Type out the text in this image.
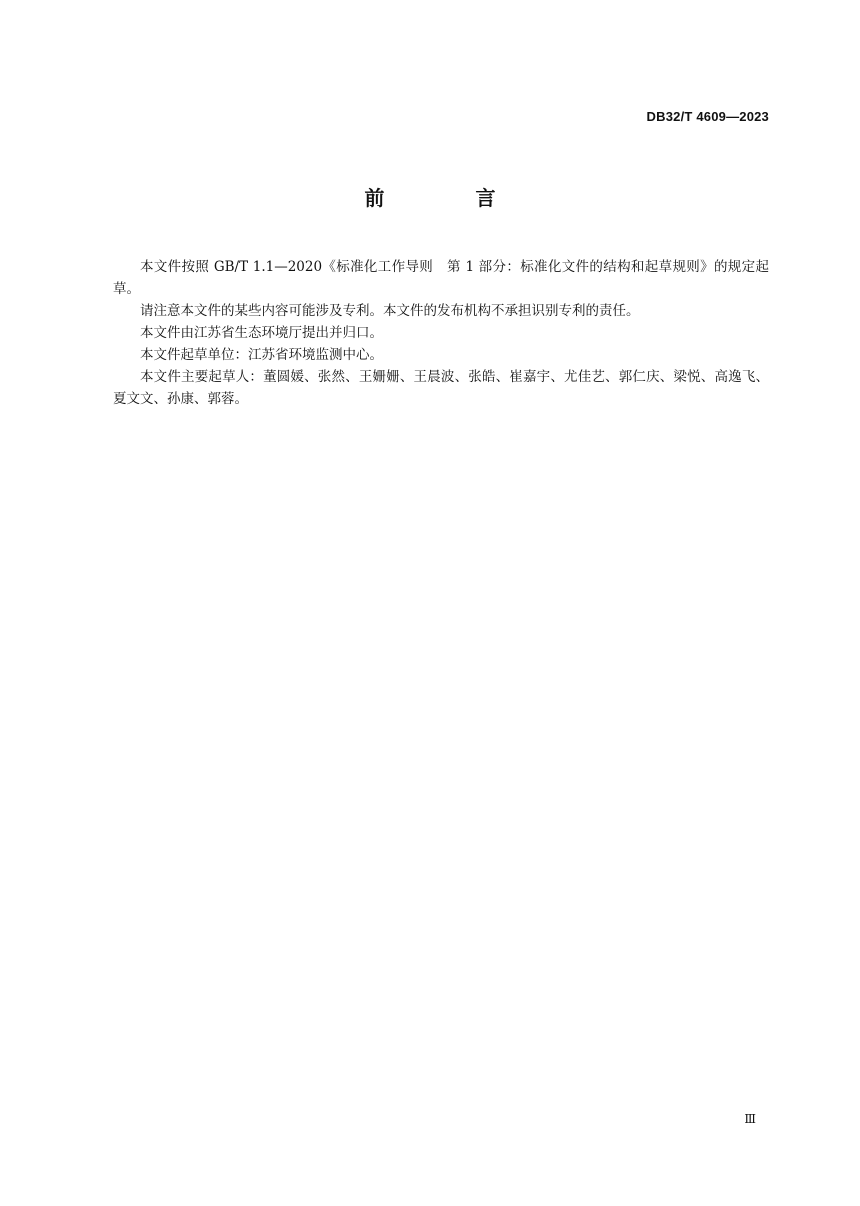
DB32/T 4609—2023
前 言

本文件按照 GB/T 1.1—2020《标准化工作导则　第 1 部分：标准化文件的结构和起草规则》的规定起草。

请注意本文件的某些内容可能涉及专利。本文件的发布机构不承担识别专利的责任。

本文件由江苏省生态环境厅提出并归口。

本文件起草单位：江苏省环境监测中心。

本文件主要起草人：董圆媛、张然、王姗姗、王晨波、张皓、崔嘉宇、尤佳艺、郭仁庆、梁悦、高逸飞、夏文文、孙康、郭蓉。

Ⅲ
